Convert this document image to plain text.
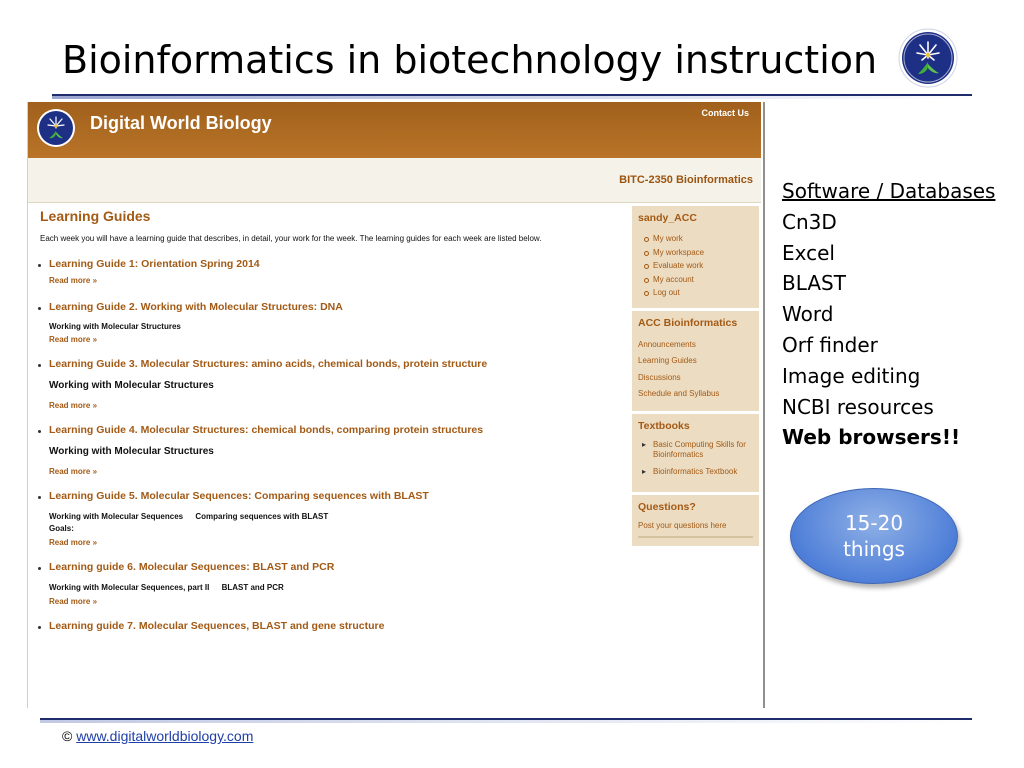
Bioinformatics in biotechnology instruction
Digital World Biology	Contact Us
BITC-2350 Bioinformatics
Learning Guides
Each week you will have a learning guide that describes, in detail, your work for the week. The learning guides for each week are listed below.
Learning Guide 1: Orientation Spring 2014
Read more »
Learning Guide 2. Working with Molecular Structures: DNA
Working with Molecular Structures
Read more »
Learning Guide 3. Molecular Structures: amino acids, chemical bonds, protein structure
Working with Molecular Structures
Read more »
Learning Guide 4. Molecular Structures: chemical bonds, comparing protein structures
Working with Molecular Structures
Read more »
Learning Guide 5. Molecular Sequences: Comparing sequences with BLAST
Working with Molecular Sequences Comparing sequences with BLAST
Goals:
Read more »
Learning guide 6. Molecular Sequences: BLAST and PCR
Working with Molecular Sequences, part II BLAST and PCR
Read more »
Learning guide 7. Molecular Sequences, BLAST and gene structure
sandy_ACC
My work
My workspace
Evaluate work
My account
Log out
ACC Bioinformatics
Announcements
Learning Guides
Discussions
Schedule and Syllabus
Textbooks
▸ Basic Computing Skills for Bioinformatics
▸ Bioinformatics Textbook
Questions?
Post your questions here
Software / Databases
Cn3D
Excel
BLAST
Word
Orf finder
Image editing
NCBI resources
Web browsers!!
15-20
things
© www.digitalworldbiology.com
